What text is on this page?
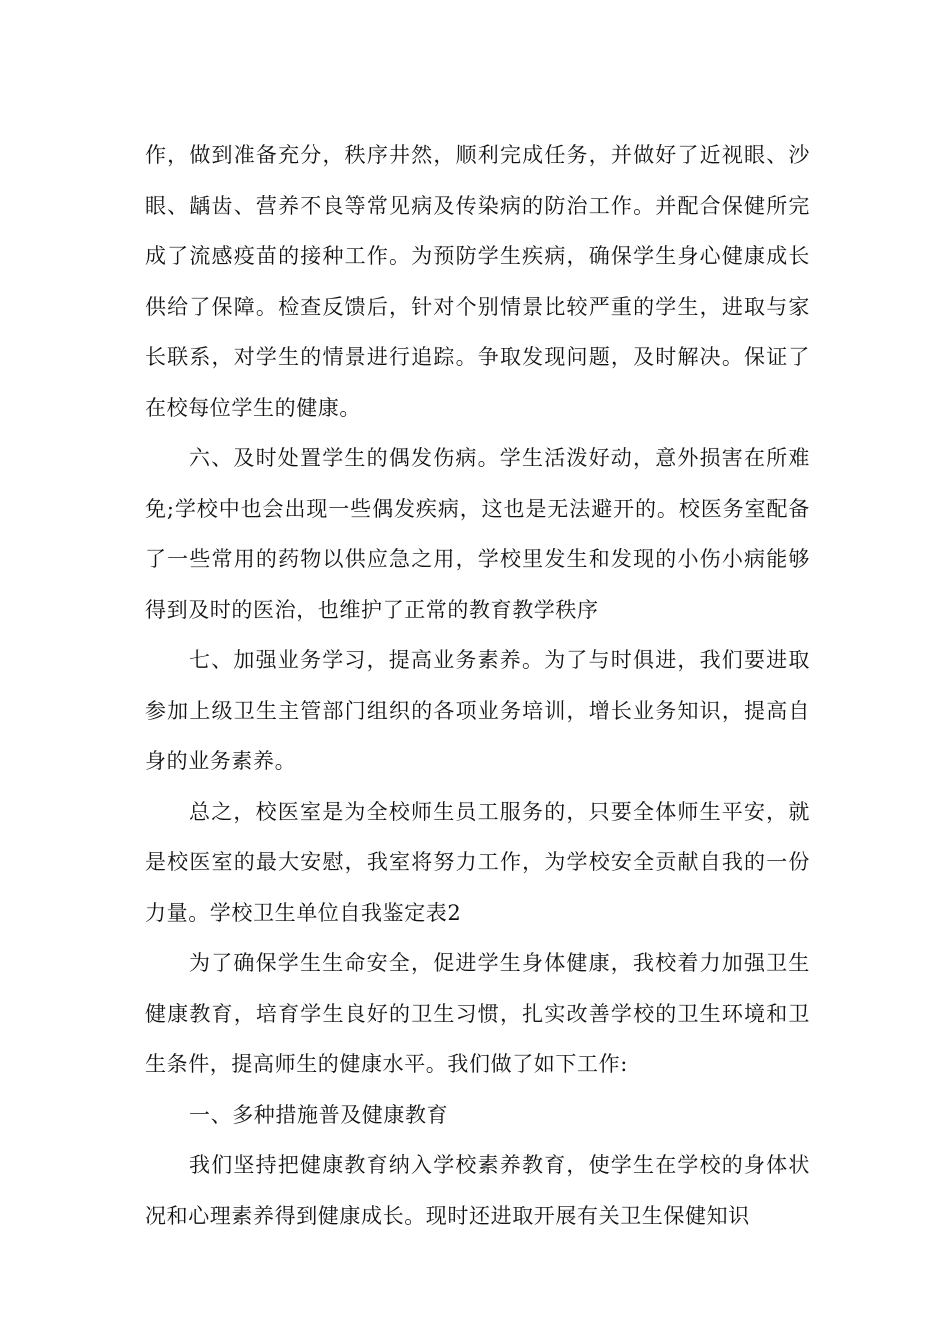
作，做到准备充分，秩序井然，顺利完成任务，并做好了近视眼、沙眼、龋齿、营养不良等常见病及传染病的防治工作。并配合保健所完成了流感疫苗的接种工作。为预防学生疾病，确保学生身心健康成长供给了保障。检查反馈后，针对个别情景比较严重的学生，进取与家长联系，对学生的情景进行追踪。争取发现问题，及时解决。保证了在校每位学生的健康。

六、及时处置学生的偶发伤病。学生活泼好动，意外损害在所难免;学校中也会出现一些偶发疾病，这也是无法避开的。校医务室配备了一些常用的药物以供应急之用，学校里发生和发现的小伤小病能够得到及时的医治，也维护了正常的教育教学秩序

七、加强业务学习，提高业务素养。为了与时俱进，我们要进取参加上级卫生主管部门组织的各项业务培训，增长业务知识，提高自身的业务素养。

总之，校医室是为全校师生员工服务的，只要全体师生平安，就是校医室的最大安慰，我室将努力工作，为学校安全贡献自我的一份力量。学校卫生单位自我鉴定表2

为了确保学生生命安全，促进学生身体健康，我校着力加强卫生健康教育，培育学生良好的卫生习惯，扎实改善学校的卫生环境和卫生条件，提高师生的健康水平。我们做了如下工作:

一、多种措施普及健康教育

我们坚持把健康教育纳入学校素养教育，使学生在学校的身体状况和心理素养得到健康成长。现时还进取开展有关卫生保健知识
